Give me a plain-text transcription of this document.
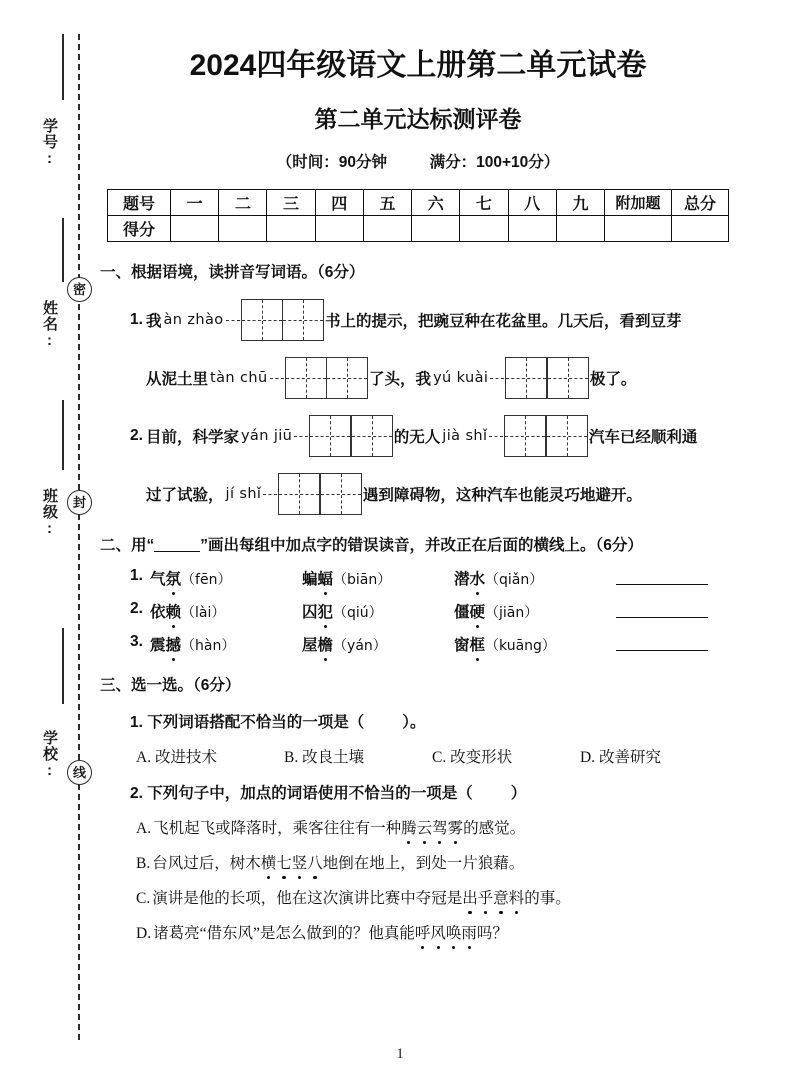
学号:
姓名:
班级:
学校:
密
封
线
2024四年级语文上册第二单元试卷
第二单元达标测评卷
（时间：90分钟	满分：100+10分）
题号	一	二	三	四	五	六	七	八	九	附加题	总分
得分											
一、根据语境，读拼音写词语。（6分）
1. 我 àn zhào	书上的提示，把豌豆种在花盆里。几天后，看到豆芽
从泥土里 tàn chū	了头，我 yú kuài	极了。
2. 目前，科学家 yán jiū	的无人 jià shǐ	汽车已经顺利通
过了试验， jí shǐ	遇到障碍物，这种汽车也能灵巧地避开。
二、用“	”画出每组中加点字的错误读音，并改正在后面的横线上。（6分）
1. 气氛（fēn）	蝙蝠（biān）	潜水（qiǎn）
2. 依赖（lài）	囚犯（qiú）	僵硬（jiān）
3. 震撼（hàn）	屋檐（yán）	窗框（kuāng）
三、选一选。（6分）
1. 下列词语搭配不恰当的一项是（ ）。
A. 改进技术	B. 改良土壤	C. 改变形状	D. 改善研究
2. 下列句子中，加点的词语使用不恰当的一项是（ ）
A. 飞机起飞或降落时，乘客往往有一种腾云驾雾的感觉。
B. 台风过后，树木横七竖八地倒在地上，到处一片狼藉。
C. 演讲是他的长项，他在这次演讲比赛中夺冠是出乎意料的事。
D. 诸葛亮“借东风”是怎么做到的？他真能呼风唤雨吗？
1
